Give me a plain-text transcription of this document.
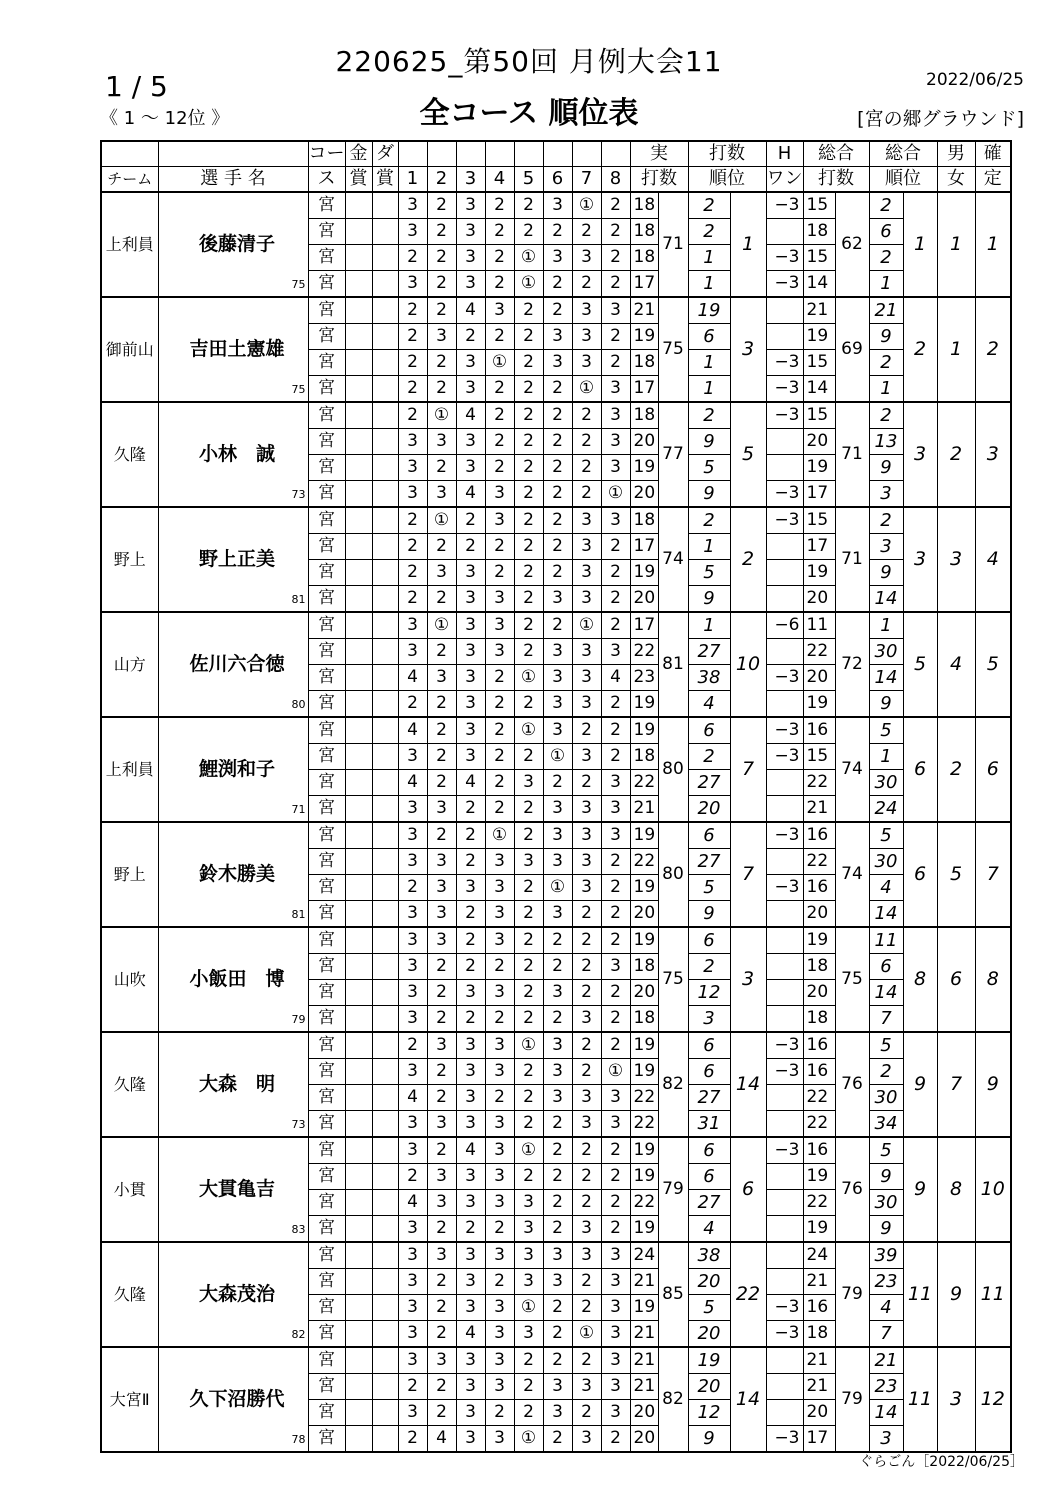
220625_第50回 月例大会11
1 / 5
《 1 ～ 12位 》	全コース 順位表
2022/06/25
[宮の郷グラウンド]
		コー	金	ダ									実		打数		H	総合		総合		男	確
チーム	選 手 名	ス	賞	賞	1	2	3	4	5	6	7	8	打数		順位		ワン	打数		順位		女	定
上利員	後藤清子
75	宮			3	2	3	2	2	3	①	2	18	71	2	1	−3	15	62	2	1	1	1
		宮			3	2	3	2	2	2	2	2	18		2			18		6			
		宮			2	2	3	2	①	3	3	2	18		1		−3	15		2			
		宮			3	2	3	2	①	2	2	2	17		1		−3	14		1			
御前山	吉田土憲雄
75	宮			2	2	4	3	2	2	3	3	21	75	19	3		21	69	21	2	1	2
		宮			2	3	2	2	2	3	3	2	19		6			19		9			
		宮			2	2	3	①	2	3	3	2	18		1		−3	15		2			
		宮			2	2	3	2	2	2	①	3	17		1		−3	14		1			
久隆	小林　誠
73	宮			2	①	4	2	2	2	2	3	18	77	2	5	−3	15	71	2	3	2	3
		宮			3	3	3	2	2	2	2	3	20		9			20		13			
		宮			3	2	3	2	2	2	2	3	19		5			19		9			
		宮			3	3	4	3	2	2	2	①	20		9		−3	17		3			
野上	野上正美
81	宮			2	①	2	3	2	2	3	3	18	74	2	2	−3	15	71	2	3	3	4
		宮			2	2	2	2	2	2	3	2	17		1			17		3			
		宮			2	3	3	2	2	2	3	2	19		5			19		9			
		宮			2	2	3	3	2	3	3	2	20		9			20		14			
山方	佐川六合徳
80	宮			3	①	3	3	2	2	①	2	17	81	1	10	−6	11	72	1	5	4	5
		宮			3	2	3	3	2	3	3	3	22		27			22		30			
		宮			4	3	3	2	①	3	3	4	23		38		−3	20		14			
		宮			2	2	3	2	2	3	3	2	19		4			19		9			
上利員	鯉渕和子
71	宮			4	2	3	2	①	3	2	2	19	80	6	7	−3	16	74	5	6	2	6
		宮			3	2	3	2	2	①	3	2	18		2		−3	15		1			
		宮			4	2	4	2	3	2	2	3	22		27			22		30			
		宮			3	3	2	2	2	3	3	3	21		20			21		24			
野上	鈴木勝美
81	宮			3	2	2	①	2	3	3	3	19	80	6	7	−3	16	74	5	6	5	7
		宮			3	3	2	3	3	3	3	2	22		27			22		30			
		宮			2	3	3	3	2	①	3	2	19		5		−3	16		4			
		宮			3	3	2	3	2	3	2	2	20		9			20		14			
山吹	小飯田　博
79	宮			3	3	2	3	2	2	2	2	19	75	6	3		19	75	11	8	6	8
		宮			3	2	2	2	2	2	2	3	18		2			18		6			
		宮			3	2	3	3	2	3	2	2	20		12			20		14			
		宮			3	2	2	2	2	2	3	2	18		3			18		7			
久隆	大森　明
73	宮			2	3	3	3	①	3	2	2	19	82	6	14	−3	16	76	5	9	7	9
		宮			3	2	3	3	2	3	2	①	19		6		−3	16		2			
		宮			4	2	3	2	2	3	3	3	22		27			22		30			
		宮			3	3	3	3	2	2	3	3	22		31			22		34			
小貫	大貫亀吉
83	宮			3	2	4	3	①	2	2	2	19	79	6	6	−3	16	76	5	9	8	10
		宮			2	3	3	3	2	2	2	2	19		6			19		9			
		宮			4	3	3	3	3	2	2	2	22		27			22		30			
		宮			3	2	2	2	3	2	3	2	19		4			19		9			
久隆	大森茂治
82	宮			3	3	3	3	3	3	3	3	24	85	38	22		24	79	39	11	9	11
		宮			3	2	3	2	3	3	2	3	21		20			21		23			
		宮			3	2	3	3	①	2	2	3	19		5		−3	16		4			
		宮			3	2	4	3	3	2	①	3	21		20		−3	18		7			
大宮Ⅱ	久下沼勝代
78	宮			3	3	3	3	2	2	2	3	21	82	19	14		21	79	21	11	3	12
		宮			2	2	3	3	2	3	3	3	21		20			21		23			
		宮			3	2	3	2	2	3	2	3	20		12			20		14			
		宮			2	4	3	3	①	2	3	2	20		9		−3	17		3			
ぐらごん［2022/06/25］
